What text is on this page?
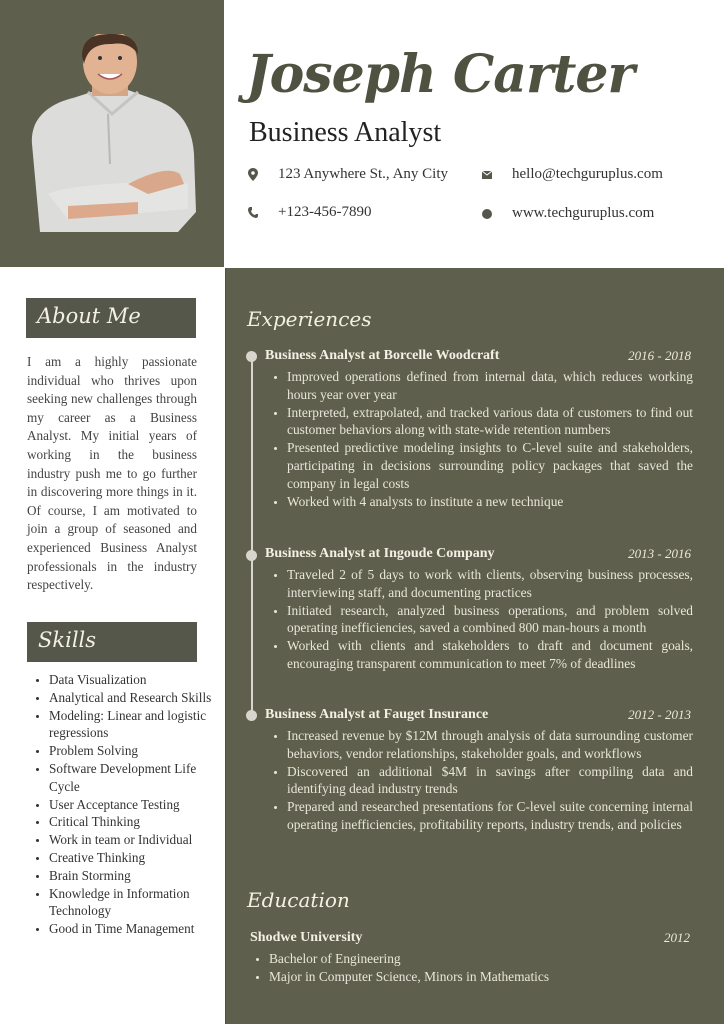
Joseph Carter
Business Analyst
123 Anywhere St., Any City
+123-456-7890
hello@techguruplus.com
www.techguruplus.com
About Me

I am a highly passionate individual who thrives upon seeking new challenges through my career as a Business Analyst. My initial years of working in the business industry push me to go further in discovering more things in it. Of course, I am motivated to join a group of seasoned and experienced Business Analyst professionals in the industry respectively.

Skills
Data Visualization
Analytical and Research Skills
Modeling: Linear and logistic regressions
Problem Solving
Software Development Life Cycle
User Acceptance Testing
Critical Thinking
Work in team or Individual
Creative Thinking
Brain Storming
Knowledge in Information Technology
Good in Time Management
Experiences
Business Analyst at Borcelle Woodcraft	2016 - 2018
Improved operations defined from internal data, which reduces working hours year over year
Interpreted, extrapolated, and tracked various data of customers to find out customer behaviors along with state-wide retention numbers
Presented predictive modeling insights to C-level suite and stakeholders, participating in decisions surrounding policy packages that saved the company in legal costs
Worked with 4 analysts to institute a new technique
Business Analyst at Ingoude Company	2013 - 2016
Traveled 2 of 5 days to work with clients, observing business processes, interviewing staff, and documenting practices
Initiated research, analyzed business operations, and problem solved operating inefficiencies, saved a combined 800 man-hours a month
Worked with clients and stakeholders to draft and document goals, encouraging transparent communication to meet 7% of deadlines
Business Analyst at Fauget Insurance	2012 - 2013
Increased revenue by $12M through analysis of data surrounding customer behaviors, vendor relationships, stakeholder goals, and workflows
Discovered an additional $4M in savings after compiling data and identifying dead industry trends
Prepared and researched presentations for C-level suite concerning internal operating inefficiencies, profitability reports, industry trends, and policies
Education
Shodwe University	2012
Bachelor of Engineering
Major in Computer Science, Minors in Mathematics
